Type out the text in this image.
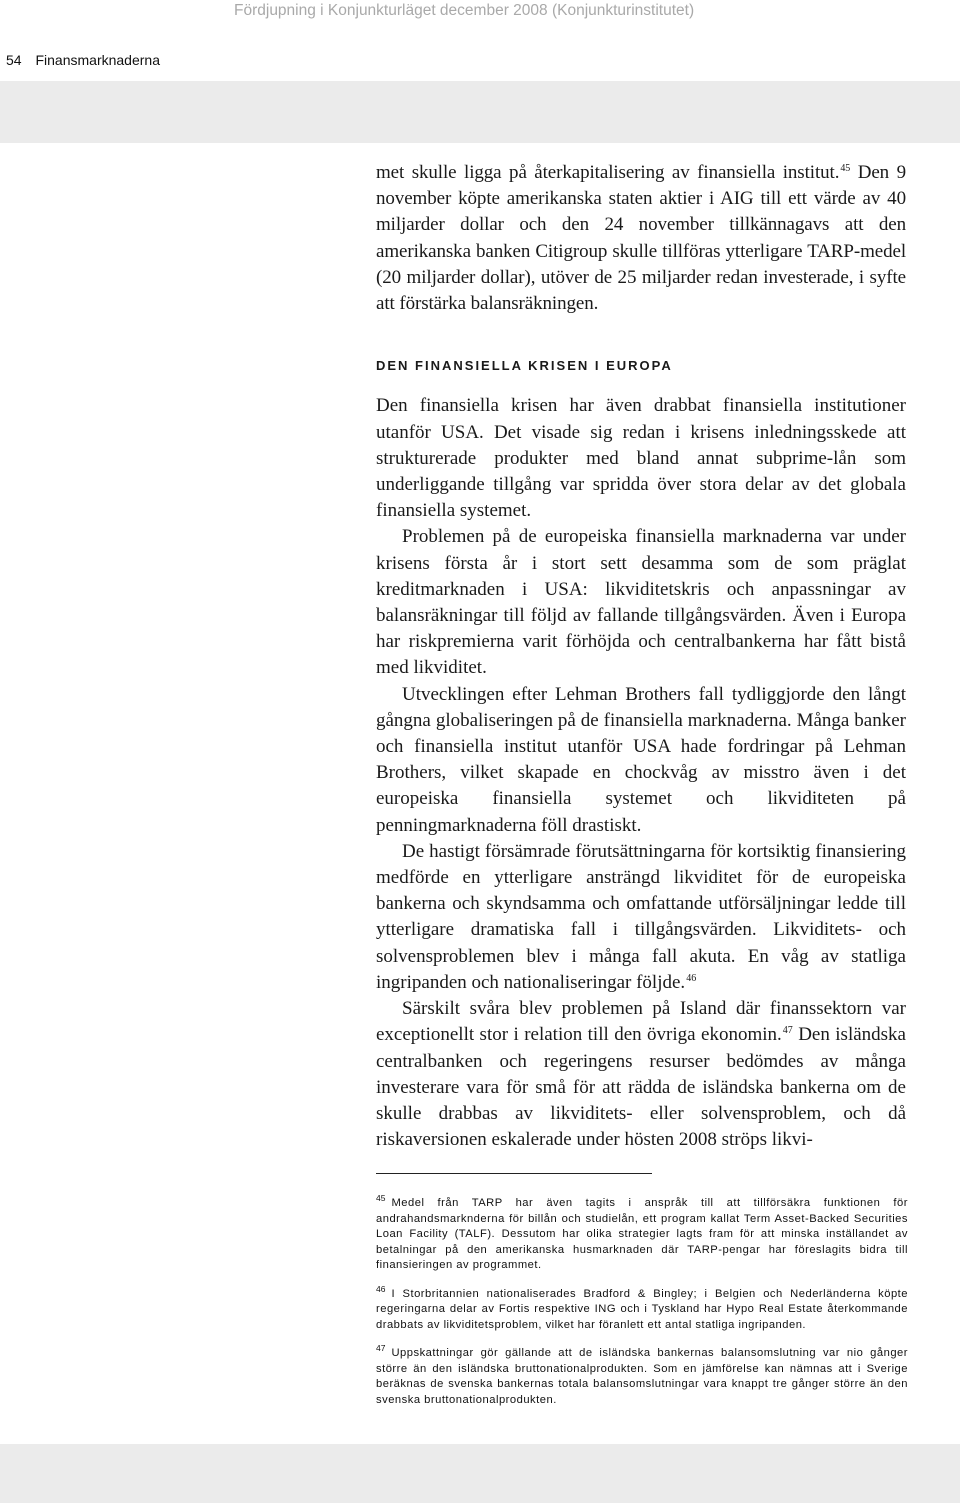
Fördjupning i Konjunkturläget december 2008 (Konjunkturinstitutet)
54 Finansmarknaderna

met skulle ligga på återkapitalisering av finansiella institut.$^{45}$ Den 9 november köpte amerikanska staten aktier i AIG till ett värde av 40 miljarder dollar och den 24 november tillkännagavs att den amerikanska banken Citigroup skulle tillföras ytterligare TARP-medel (20 miljarder dollar), utöver de 25 miljarder redan investerade, i syfte att förstärka balansräkningen.

DEN FINANSIELLA KRISEN I EUROPA

Den finansiella krisen har även drabbat finansiella institutioner utanför USA. Det visade sig redan i krisens inledningsskede att strukturerade produkter med bland annat subprime-lån som underliggande tillgång var spridda över stora delar av det globala finansiella systemet.

Problemen på de europeiska finansiella marknaderna var under krisens första år i stort sett desamma som de som präglat kreditmarknaden i USA: likviditetskris och anpassningar av balansräkningar till följd av fallande tillgångsvärden. Även i Europa har riskpremierna varit förhöjda och centralbankerna har fått bistå med likviditet.

Utvecklingen efter Lehman Brothers fall tydliggjorde den långt gångna globaliseringen på de finansiella marknaderna. Många banker och finansiella institut utanför USA hade fordringar på Lehman Brothers, vilket skapade en chockvåg av misstro även i det europeiska finansiella systemet och likviditeten på penningmarknaderna föll drastiskt.

De hastigt försämrade förutsättningarna för kortsiktig finansiering medförde en ytterligare ansträngd likviditet för de europeiska bankerna och skyndsamma och omfattande utförsäljningar ledde till ytterligare dramatiska fall i tillgångsvärden. Likviditets- och solvensproblemen blev i många fall akuta. En våg av statliga ingripanden och nationaliseringar följde.$^{46}$

Särskilt svåra blev problemen på Island där finanssektorn var exceptionellt stor i relation till den övriga ekonomin.$^{47}$ Den isländska centralbanken och regeringens resurser bedömdes av många investerare vara för små för att rädda de isländska bankerna om de skulle drabbas av likviditets- eller solvensproblem, och då riskaversionen eskalerade under hösten 2008 ströps likvi-

$^{45}$ Medel från TARP har även tagits i anspråk till att tillförsäkra funktionen för andrahandsmarknderna för billån och studielån, ett program kallat Term Asset-Backed Securities Loan Facility (TALF). Dessutom har olika strategier lagts fram för att minska inställandet av betalningar på den amerikanska husmarknaden där TARP-pengar har föreslagits bidra till finansieringen av programmet.

$^{46}$ I Storbritannien nationaliserades Bradford & Bingley; i Belgien och Nederländerna köpte regeringarna delar av Fortis respektive ING och i Tyskland har Hypo Real Estate återkommande drabbats av likviditetsproblem, vilket har föranlett ett antal statliga ingripanden.

$^{47}$ Uppskattningar gör gällande att de isländska bankernas balansomslutning var nio gånger större än den isländska bruttonationalprodukten. Som en jämförelse kan nämnas att i Sverige beräknas de svenska bankernas totala balansomslutningar vara knappt tre gånger större än den svenska bruttonationalprodukten.
